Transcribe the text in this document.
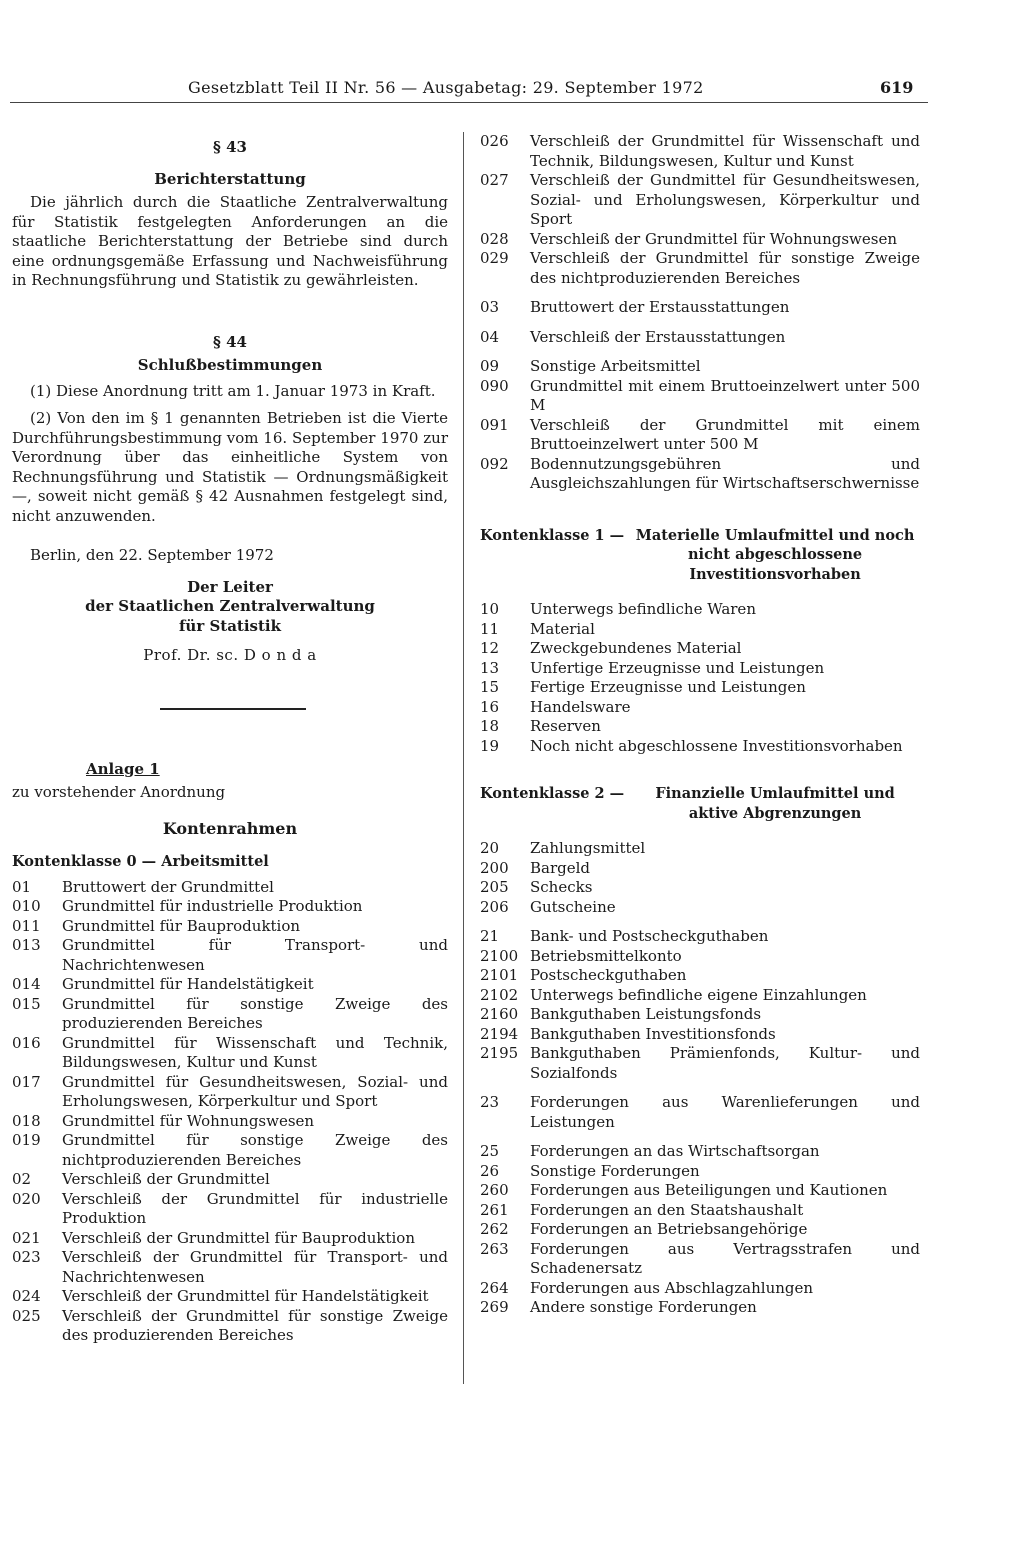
Gesetzblatt Teil II Nr. 56 — Ausgabetag: 29. September 1972	619
§ 43
Berichterstattung

Die jährlich durch die Staatliche Zentralverwaltung für Statistik festgelegten Anforderungen an die staatliche Berichterstattung der Betriebe sind durch eine ordnungsgemäße Erfassung und Nachweisführung in Rechnungsführung und Statistik zu gewährleisten.

§ 44
Schlußbestimmungen

(1) Diese Anordnung tritt am 1. Januar 1973 in Kraft.

(2) Von den im § 1 genannten Betrieben ist die Vierte Durchführungsbestimmung vom 16. September 1970 zur Verordnung über das einheitliche System von Rechnungsführung und Statistik — Ordnungsmäßigkeit —, soweit nicht gemäß § 42 Ausnahmen festgelegt sind, nicht anzuwenden.

Berlin, den 22. September 1972

Der Leiter
der Staatlichen Zentralverwaltung
für Statistik
Prof. Dr. sc. D o n d a
Anlage 1
zu vorstehender Anordnung
Kontenrahmen
Kontenklasse 0 — Arbeitsmittel
01	Bruttowert der Grundmittel
010	Grundmittel für industrielle Produktion
011	Grundmittel für Bauproduktion
013	Grundmittel für Transport- und Nachrichtenwesen
014	Grundmittel für Handelstätigkeit
015	Grundmittel für sonstige Zweige des produzierenden Bereiches
016	Grundmittel für Wissenschaft und Technik, Bildungswesen, Kultur und Kunst
017	Grundmittel für Gesundheitswesen, Sozial- und Erholungswesen, Körperkultur und Sport
018	Grundmittel für Wohnungswesen
019	Grundmittel für sonstige Zweige des nichtproduzierenden Bereiches
02	Verschleiß der Grundmittel
020	Verschleiß der Grundmittel für industrielle Produktion
021	Verschleiß der Grundmittel für Bauproduktion
023	Verschleiß der Grundmittel für Transport- und Nachrichtenwesen
024	Verschleiß der Grundmittel für Handelstätigkeit
025	Verschleiß der Grundmittel für sonstige Zweige des produzierenden Bereiches
026	Verschleiß der Grundmittel für Wissenschaft und Technik, Bildungswesen, Kultur und Kunst
027	Verschleiß der Gundmittel für Gesundheitswesen, Sozial- und Erholungswesen, Körperkultur und Sport
028	Verschleiß der Grundmittel für Wohnungswesen
029	Verschleiß der Grundmittel für sonstige Zweige des nichtproduzierenden Bereiches
03	Bruttowert der Erstausstattungen
04	Verschleiß der Erstausstattungen
09	Sonstige Arbeitsmittel
090	Grundmittel mit einem Bruttoeinzelwert unter 500 M
091	Verschleiß der Grundmittel mit einem Bruttoeinzelwert unter 500 M
092	Bodennutzungsgebühren und Ausgleichszahlungen für Wirtschaftserschwernisse
Kontenklasse 1 — Materielle Umlaufmittel und noch nicht abgeschlossene Investitionsvorhaben
10	Unterwegs befindliche Waren
11	Material
12	Zweckgebundenes Material
13	Unfertige Erzeugnisse und Leistungen
15	Fertige Erzeugnisse und Leistungen
16	Handelsware
18	Reserven
19	Noch nicht abgeschlossene Investitionsvorhaben
Kontenklasse 2 —	Finanzielle Umlaufmittel und aktive Abgrenzungen
20	Zahlungsmittel
200	Bargeld
205	Schecks
206	Gutscheine
21	Bank- und Postscheckguthaben
2100 Betriebsmittelkonto
2101 Postscheckguthaben
2102 Unterwegs befindliche eigene Einzahlungen
2160 Bankguthaben Leistungsfonds
2194 Bankguthaben Investitionsfonds
2195 Bankguthaben Prämienfonds, Kultur- und Sozialfonds
23	Forderungen aus Warenlieferungen und Leistungen
25	Forderungen an das Wirtschaftsorgan
26	Sonstige Forderungen
260	Forderungen aus Beteiligungen und Kautionen
261	Forderungen an den Staatshaushalt
262	Forderungen an Betriebsangehörige
263	Forderungen aus Vertragsstrafen und Schadenersatz
264	Forderungen aus Abschlagzahlungen
269	Andere sonstige Forderungen
